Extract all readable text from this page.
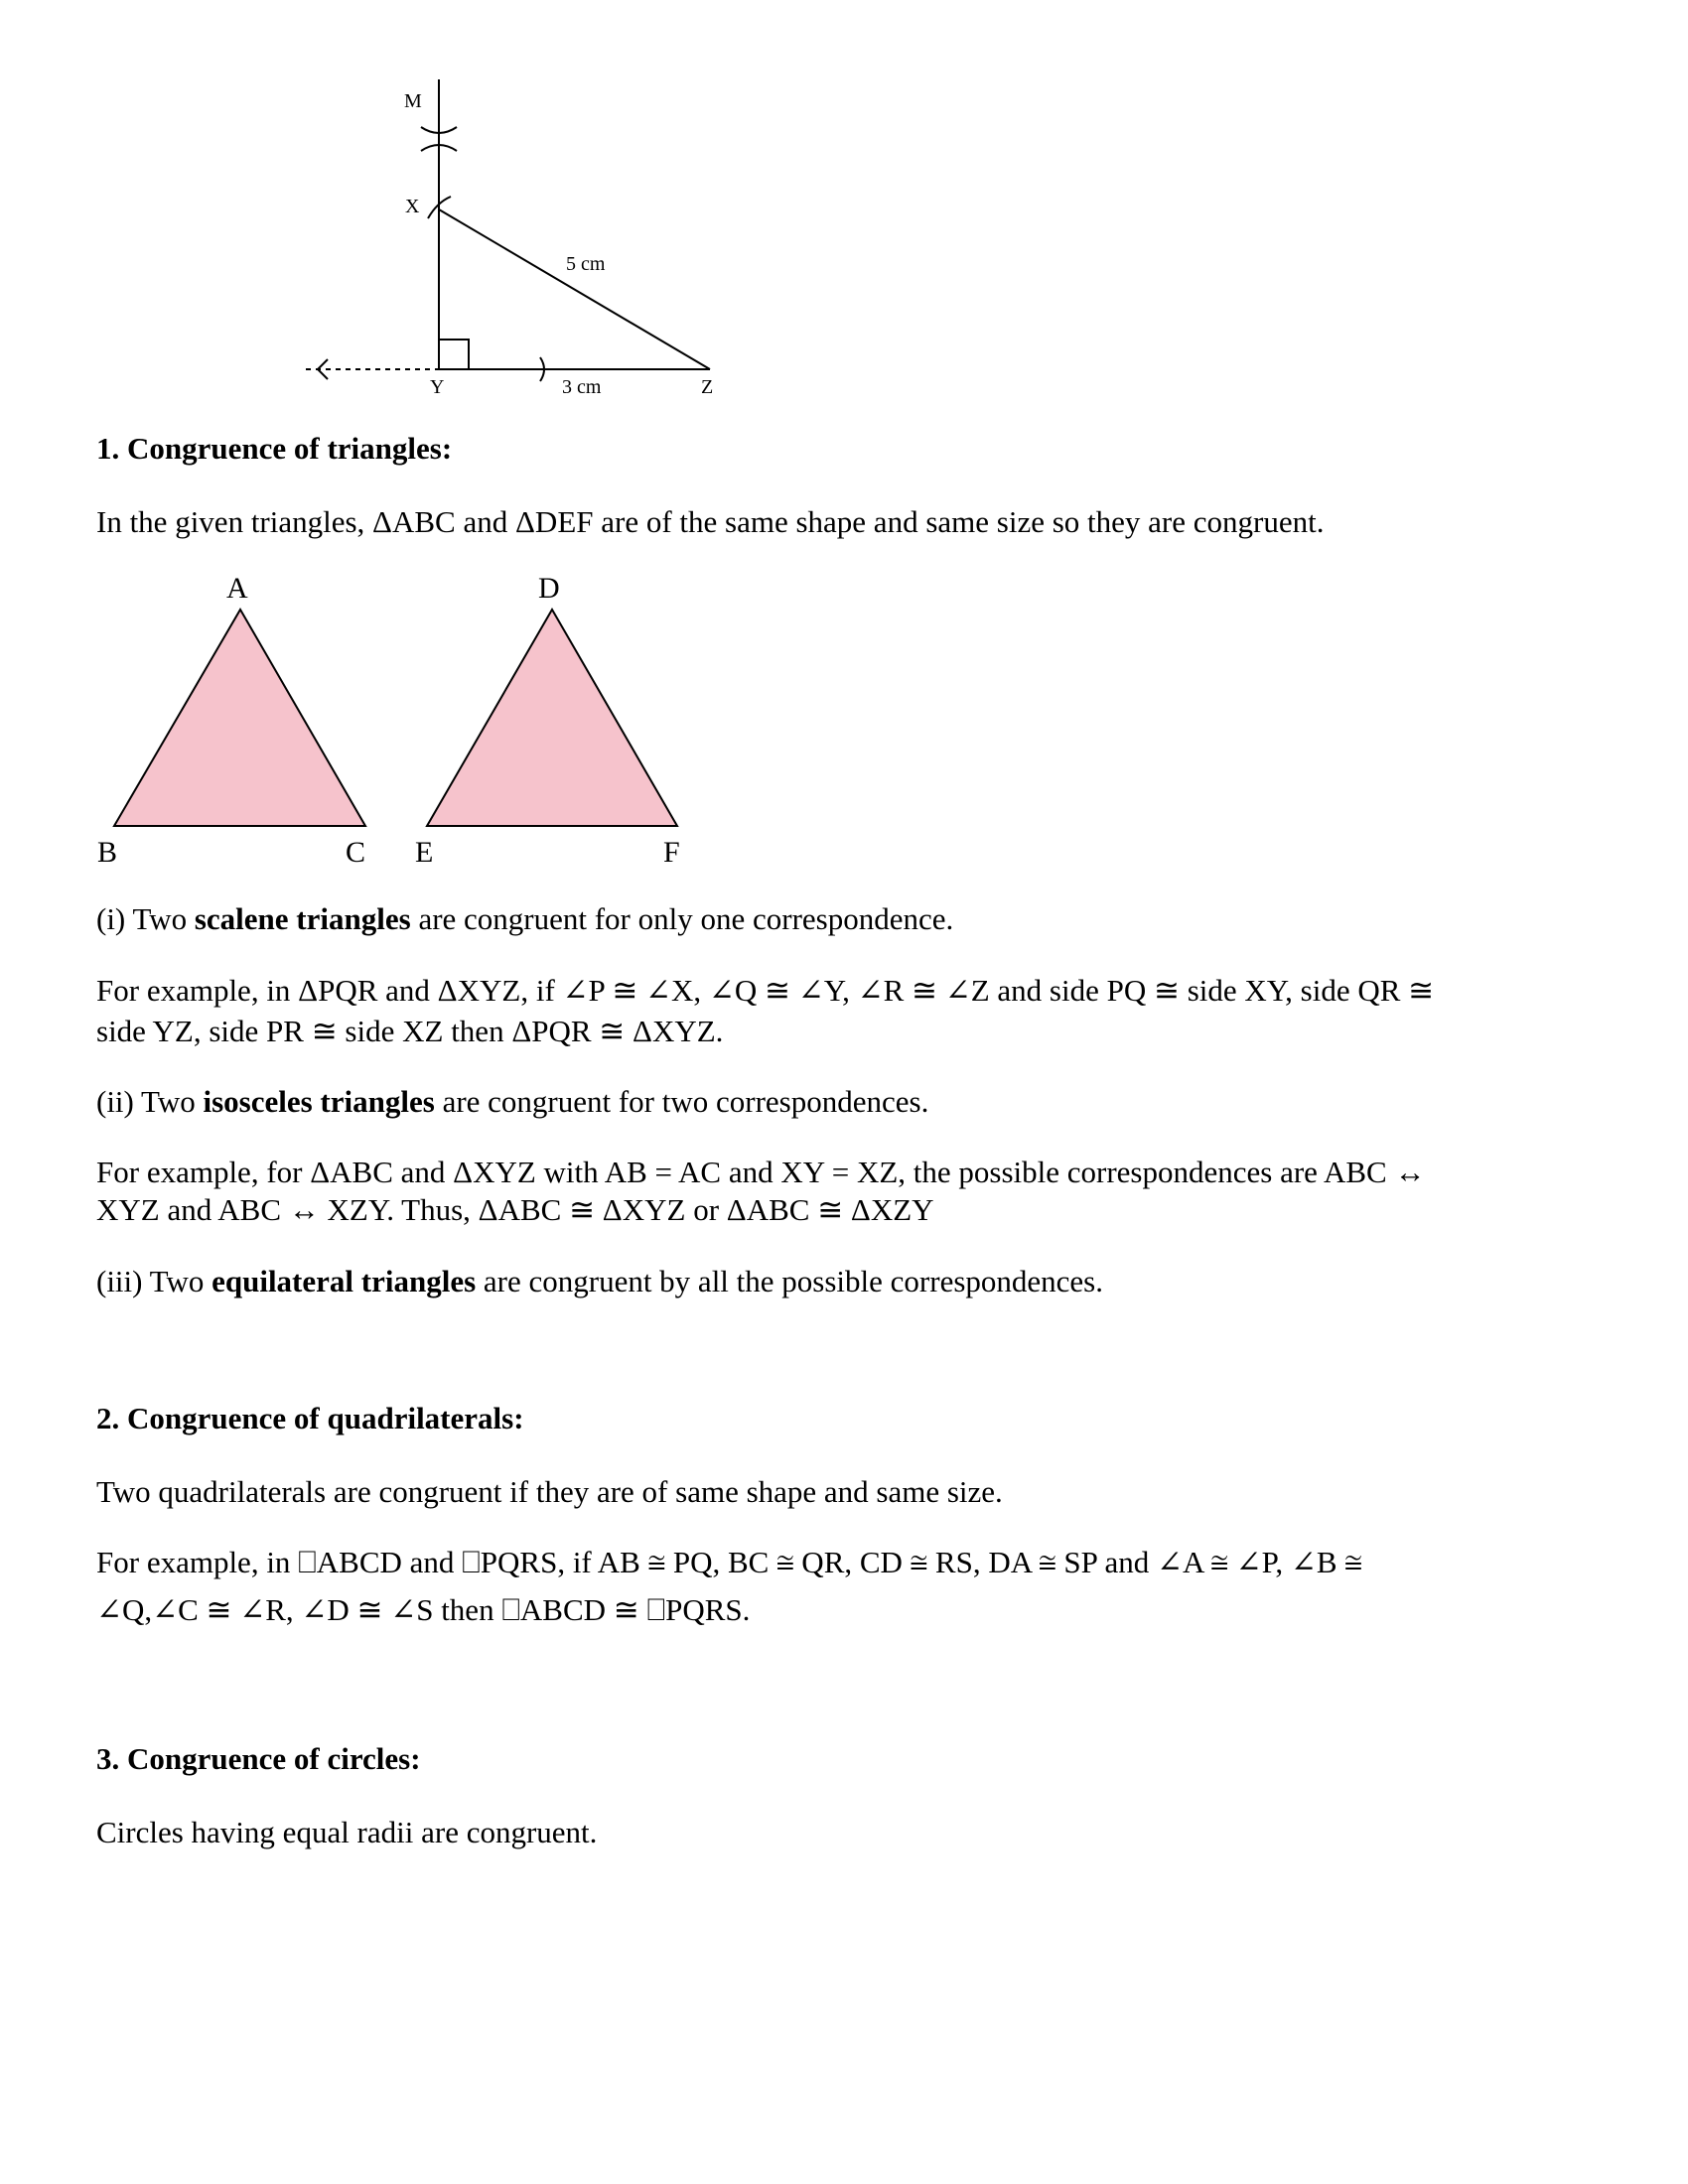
M
X
Y	Z
5 cm
3 cm
1. Congruence of triangles:

In the given triangles, ΔABC and ΔDEF are of the same shape and same size so they are congruent.

A
B	C
D
E	F

(i) Two scalene triangles are congruent for only one correspondence.

For example, in ΔPQR and ΔXYZ, if ∠P ≅ ∠X, ∠Q ≅ ∠Y, ∠R ≅ ∠Z and side PQ ≅ side XY, side QR ≅

side YZ, side PR ≅ side XZ then ΔPQR ≅ ΔXYZ.

(ii) Two isosceles triangles are congruent for two correspondences.

For example, for ΔABC and ΔXYZ with AB = AC and XY = XZ, the possible correspondences are ABC ↔

XYZ and ABC ↔ XZY. Thus, ΔABC ≅ ΔXYZ or ΔABC ≅ ΔXZY

(iii) Two equilateral triangles are congruent by all the possible correspondences.

2. Congruence of quadrilaterals:

Two quadrilaterals are congruent if they are of same shape and same size.

For example, in ⎕ABCD and ⎕PQRS, if AB ≅ PQ, BC ≅ QR, CD ≅ RS, DA ≅ SP and ∠A ≅ ∠P, ∠B ≅

∠Q,∠C ≅ ∠R, ∠D ≅ ∠S then ⎕ABCD ≅ ⎕PQRS.

3. Congruence of circles:

Circles having equal radii are congruent.
